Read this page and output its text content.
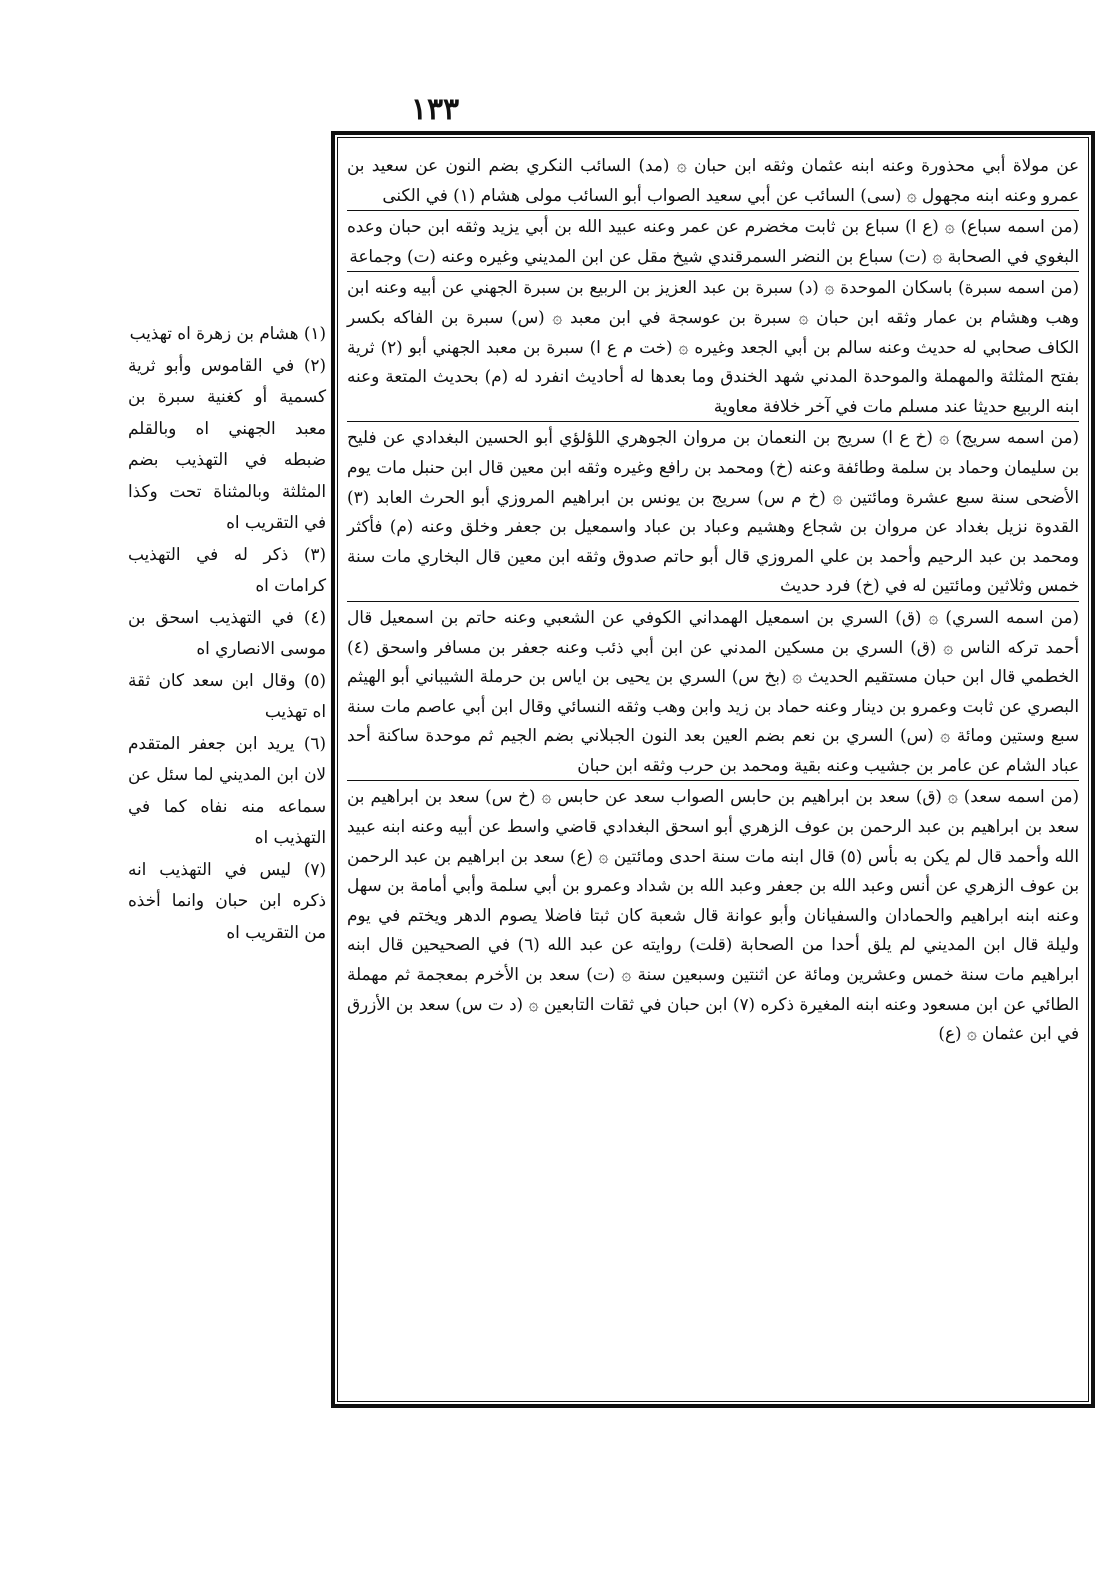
١٣٣

عن مولاة أبي محذورة وعنه ابنه عثمان وثقه ابن حبان ۞ (مد) السائب النكري بضم النون عن سعيد بن عمرو وعنه ابنه مجهول ۞ (سى) السائب عن أبي سعيد الصواب أبو السائب مولى هشام (١) في الكنى

(من اسمه سباع) ۞ (ع ا) سباع بن ثابت مخضرم عن عمر وعنه عبيد الله بن أبي يزيد وثقه ابن حبان وعده البغوي في الصحابة ۞ (ت) سباع بن النضر السمرقندي شيخ مقل عن ابن المديني وغيره وعنه (ت) وجماعة

(من اسمه سبرة) باسكان الموحدة ۞ (د) سبرة بن عبد العزيز بن الربيع بن سبرة الجهني عن أبيه وعنه ابن وهب وهشام بن عمار وثقه ابن حبان ۞ سبرة بن عوسجة في ابن معبد ۞ (س) سبرة بن الفاكه بكسر الكاف صحابي له حديث وعنه سالم بن أبي الجعد وغيره ۞ (خت م ع ا) سبرة بن معبد الجهني أبو (٢) ثرية بفتح المثلثة والمهملة والموحدة المدني شهد الخندق وما بعدها له أحاديث انفرد له (م) بحديث المتعة وعنه ابنه الربيع حديثا عند مسلم مات في آخر خلافة معاوية

(من اسمه سريج) ۞ (خ ع ا) سريج بن النعمان بن مروان الجوهري اللؤلؤي أبو الحسين البغدادي عن فليح بن سليمان وحماد بن سلمة وطائفة وعنه (خ) ومحمد بن رافع وغيره وثقه ابن معين قال ابن حنبل مات يوم الأضحى سنة سبع عشرة ومائتين ۞ (خ م س) سريج بن يونس بن ابراهيم المروزي أبو الحرث العابد (٣) القدوة نزيل بغداد عن مروان بن شجاع وهشيم وعباد بن عباد واسمعيل بن جعفر وخلق وعنه (م) فأكثر ومحمد بن عبد الرحيم وأحمد بن علي المروزي قال أبو حاتم صدوق وثقه ابن معين قال البخاري مات سنة خمس وثلاثين ومائتين له في (خ) فرد حديث

(من اسمه السري) ۞ (ق) السري بن اسمعيل الهمداني الكوفي عن الشعبي وعنه حاتم بن اسمعيل قال أحمد تركه الناس ۞ (ق) السري بن مسكين المدني عن ابن أبي ذئب وعنه جعفر بن مسافر واسحق (٤) الخطمي قال ابن حبان مستقيم الحديث ۞ (بخ س) السري بن يحيى بن اياس بن حرملة الشيباني أبو الهيثم البصري عن ثابت وعمرو بن دينار وعنه حماد بن زيد وابن وهب وثقه النسائي وقال ابن أبي عاصم مات سنة سبع وستين ومائة ۞ (س) السري بن نعم بضم العين بعد النون الجبلاني بضم الجيم ثم موحدة ساكنة أحد عباد الشام عن عامر بن جشيب وعنه بقية ومحمد بن حرب وثقه ابن حبان

(من اسمه سعد) ۞ (ق) سعد بن ابراهيم بن حابس الصواب سعد عن حابس ۞ (خ س) سعد بن ابراهيم بن سعد بن ابراهيم بن عبد الرحمن بن عوف الزهري أبو اسحق البغدادي قاضي واسط عن أبيه وعنه ابنه عبيد الله وأحمد قال لم يكن به بأس (٥) قال ابنه مات سنة احدى ومائتين ۞ (ع) سعد بن ابراهيم بن عبد الرحمن بن عوف الزهري عن أنس وعبد الله بن جعفر وعبد الله بن شداد وعمرو بن أبي سلمة وأبي أمامة بن سهل وعنه ابنه ابراهيم والحمادان والسفيانان وأبو عوانة قال شعبة كان ثبتا فاضلا يصوم الدهر ويختم في يوم وليلة قال ابن المديني لم يلق أحدا من الصحابة (قلت) روايته عن عبد الله (٦) في الصحيحين قال ابنه ابراهيم مات سنة خمس وعشرين ومائة عن اثنتين وسبعين سنة ۞ (ت) سعد بن الأخرم بمعجمة ثم مهملة الطائي عن ابن مسعود وعنه ابنه المغيرة ذكره (٧) ابن حبان في ثقات التابعين ۞ (د ت س) سعد بن الأزرق في ابن عثمان ۞ (ع)

(١) هشام بن زهرة اه تهذيب

(٢) في القاموس وأبو ثرية كسمية أو كغنية سبرة بن معبد الجهني اه وبالقلم ضبطه في التهذيب بضم المثلثة وبالمثناة تحت وكذا في التقريب اه

(٣) ذكر له في التهذيب كرامات اه

(٤) في التهذيب اسحق بن موسى الانصاري اه

(٥) وقال ابن سعد كان ثقة اه تهذيب

(٦) يريد ابن جعفر المتقدم لان ابن المديني لما سئل عن سماعه منه نفاه كما في التهذيب اه

(٧) ليس في التهذيب انه ذكره ابن حبان وانما أخذه من التقريب اه
